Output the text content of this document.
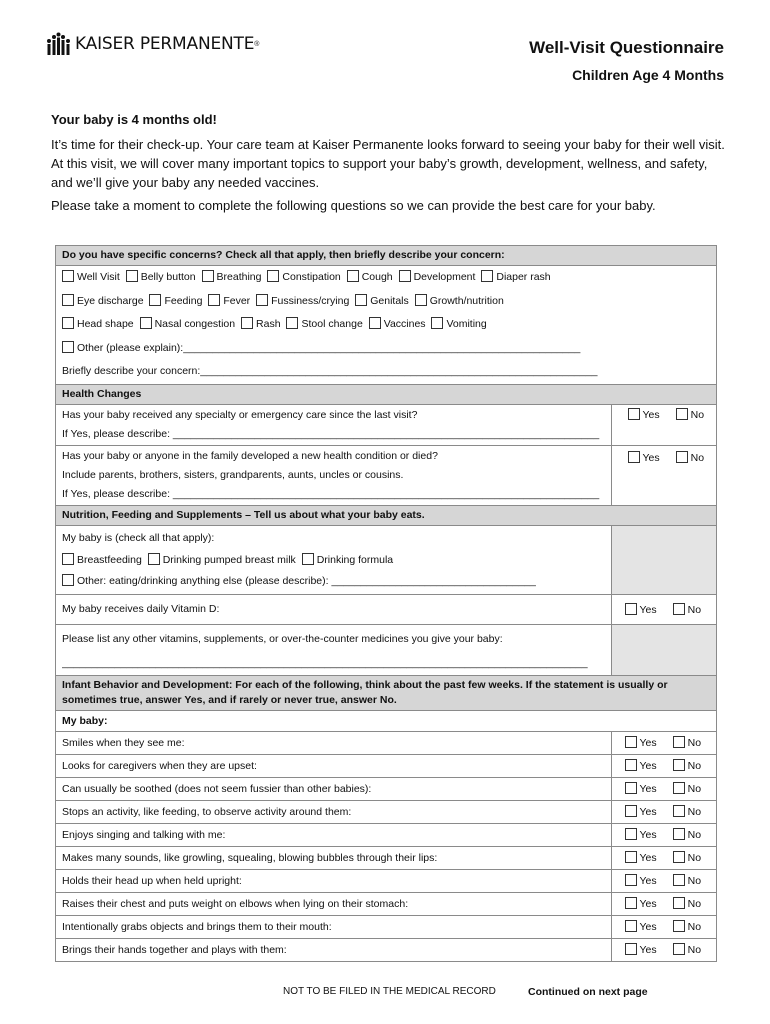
KAISER PERMANENTE ®	Well-Visit Questionnaire
Children Age 4 Months
Your baby is 4 months old!

It’s time for their check-up. Your care team at Kaiser Permanente looks forward to seeing your baby for their well visit. At this visit, we will cover many important topics to support your baby’s growth, development, wellness, and safety, and we’ll give your baby any needed vaccines.

Please take a moment to complete the following questions so we can provide the best care for your baby.

Do you have specific concerns? Check all that apply, then briefly describe your concern:	

Well Visit Belly button Breathing Constipation Cough Development Diaper rash
Eye discharge Feeding Fever Fussiness/crying Genitals Growth/nutrition
Head shape Nasal congestion Rash Stool change Vaccines Vomiting
Other (please explain):____________________________________________________________________
Briefly describe your concern:____________________________________________________________________	

Health Changes	

Has your baby received any specialty or emergency care since the last visit?
If Yes, please describe: _________________________________________________________________________	Yes No

Has your baby or anyone in the family developed a new health condition or died?
Include parents, brothers, sisters, grandparents, aunts, uncles or cousins.
If Yes, please describe: _________________________________________________________________________	Yes No

Nutrition, Feeding and Supplements – Tell us about what your baby eats.	

My baby is (check all that apply):
Breastfeeding Drinking pumped breast milk Drinking formula
Other: eating/drinking anything else (please describe): ___________________________________	

My baby receives daily Vitamin D:	Yes No

Please list any other vitamins, supplements, or over-the-counter medicines you give your baby:
__________________________________________________________________________________________	

Infant Behavior and Development: For each of the following, think about the past few weeks. If the statement is usually or sometimes true, answer Yes, and if rarely or never true, answer No.	

My baby:	

Smiles when they see me:	Yes No

Looks for caregivers when they are upset:	Yes No

Can usually be soothed (does not seem fussier than other babies):	Yes No

Stops an activity, like feeding, to observe activity around them:	Yes No

Enjoys singing and talking with me:	Yes No

Makes many sounds, like growling, squealing, blowing bubbles through their lips:	Yes No

Holds their head up when held upright:	Yes No

Raises their chest and puts weight on elbows when lying on their stomach:	Yes No

Intentionally grabs objects and brings them to their mouth:	Yes No

Brings their hands together and plays with them:	Yes No
NOT TO BE FILED IN THE MEDICAL RECORD	Continued on next page
